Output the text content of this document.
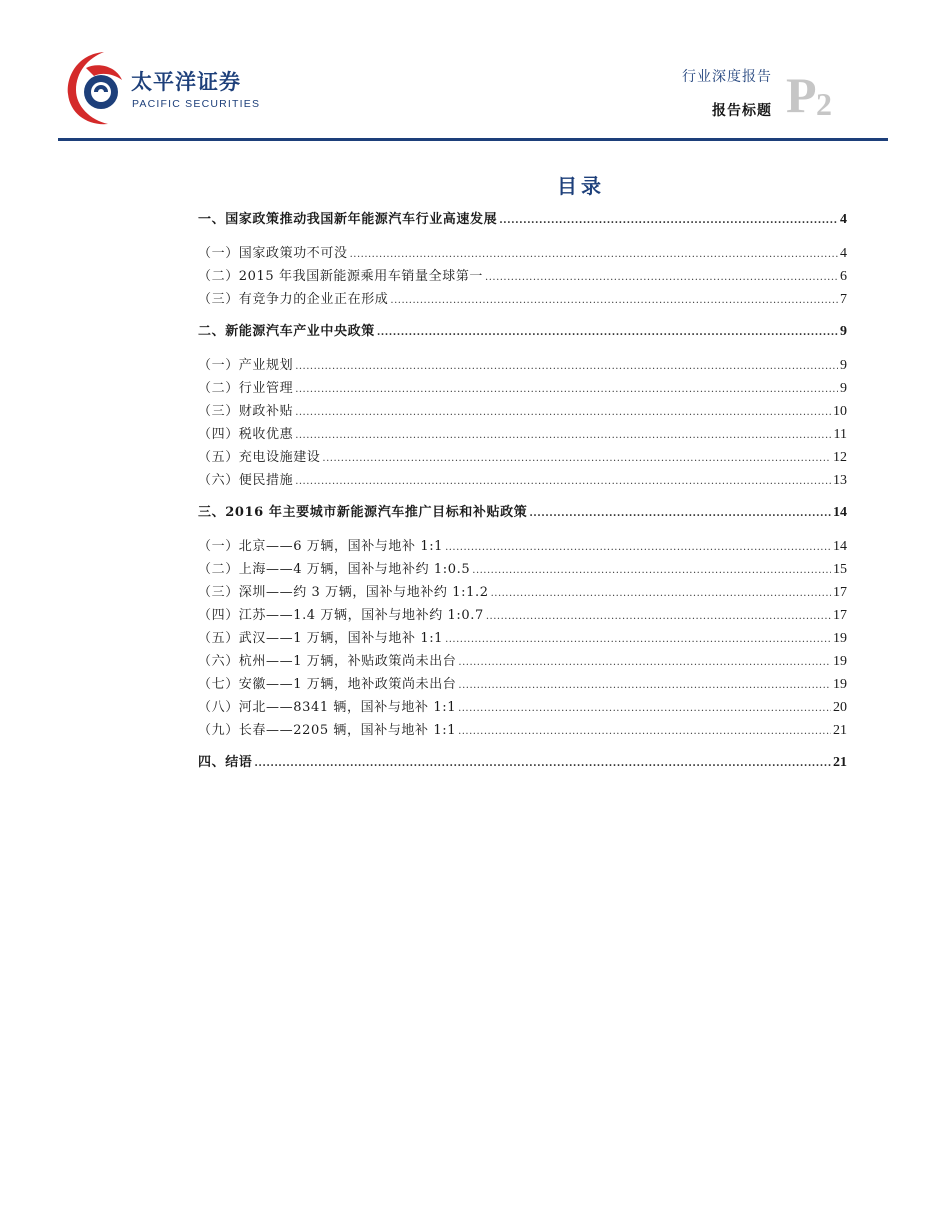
太平洋证券
PACIFIC SECURITIES
行业深度报告
报告标题 P 2
目录
一、国家政策推动我国新年能源汽车行业高速发展 .....	4
（一）国家政策功不可没 .....	4
（二）2015 年我国新能源乘用车销量全球第一 .....	6
（三）有竞争力的企业正在形成 .....	7
二、新能源汽车产业中央政策 .....	9
（一）产业规划 .....	9
（二）行业管理 .....	9
（三）财政补贴 .....	10
（四）税收优惠 .....	11
（五）充电设施建设 .....	12
（六）便民措施 .....	13
三、2016 年主要城市新能源汽车推广目标和补贴政策 .....	14
（一）北京——6 万辆，国补与地补 1:1 .....	14
（二）上海——4 万辆，国补与地补约 1:0.5 .....	15
（三）深圳——约 3 万辆，国补与地补约 1:1.2 .....	17
（四）江苏——1.4 万辆，国补与地补约 1:0.7 .....	17
（五）武汉——1 万辆，国补与地补 1:1 .....	19
（六）杭州——1 万辆，补贴政策尚未出台 .....	19
（七）安徽——1 万辆，地补政策尚未出台 .....	19
（八）河北——8341 辆，国补与地补 1:1 .....	20
（九）长春——2205 辆，国补与地补 1:1 .....	21
四、结语 .....	21
